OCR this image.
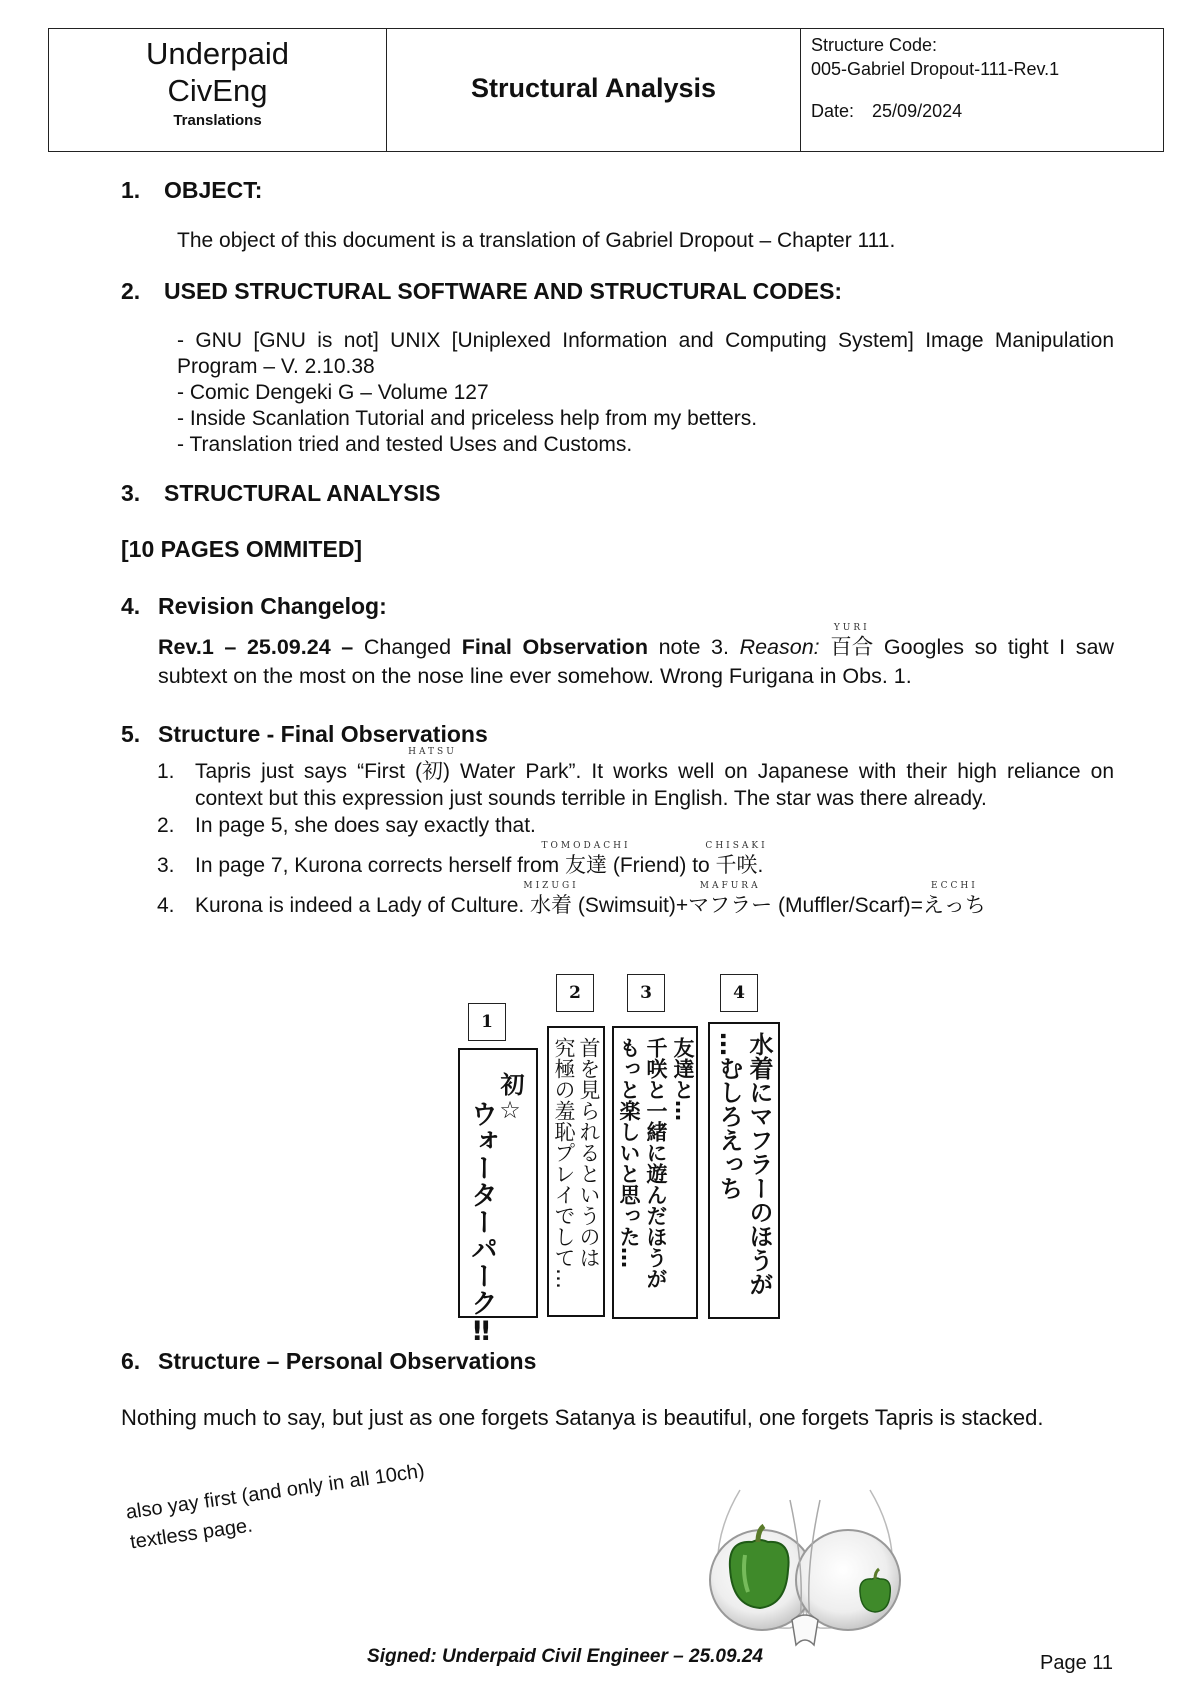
Underpaid
CivEng
Translations
Structural Analysis
Structure Code:
005-Gabriel Dropout-111-Rev.1
Date: 25/09/2024
1. OBJECT:
The object of this document is a translation of Gabriel Dropout – Chapter 111.
2. USED STRUCTURAL SOFTWARE AND STRUCTURAL CODES:
- GNU [GNU is not] UNIX [Uniplexed Information and Computing System] Image Manipulation Program – V. 2.10.38
- Comic Dengeki G – Volume 127
- Inside Scanlation Tutorial and priceless help from my betters.
- Translation tried and tested Uses and Customs.
3. STRUCTURAL ANALYSIS
[10 PAGES OMMITED]
4. Revision Changelog:
Rev.1 – 25.09.24 – Changed Final Observation note 3. Reason:
YURI
百合 Googles so tight I saw subtext on the most on the nose line ever somehow. Wrong Furigana in Obs. 1.
5. Structure - Final Observations
1. Tapris just says “First (
HATSU
初) Water Park”. It works well on Japanese with their high reliance on context but this expression just sounds terrible in English. The star was there already.
2. In page 5, she does say exactly that.
3. In page 7, Kurona corrects herself from
TOMODACHI
友達 (Friend) to
CHISAKI
千咲.
4. Kurona is indeed a Lady of Culture.
MIZUGI
水着 (Swimsuit)+
MAFURA
マフラー (Muffler/Scarf)=
ECCHI
えっち
1
2	3	4
初☆
ウォーターパーク‼	首を見られるというのは
究極の羞恥プレイでして…	友達と…
千咲と一緒に遊んだほうが
もっと楽しいと思った…	水着にマフラーのほうが
…むしろえっち
6. Structure – Personal Observations
Nothing much to say, but just as one forgets Satanya is beautiful, one forgets Tapris is stacked.
also yay first (and only in all 10ch)
textless page.
Signed: Underpaid Civil Engineer – 25.09.24	Page 11
